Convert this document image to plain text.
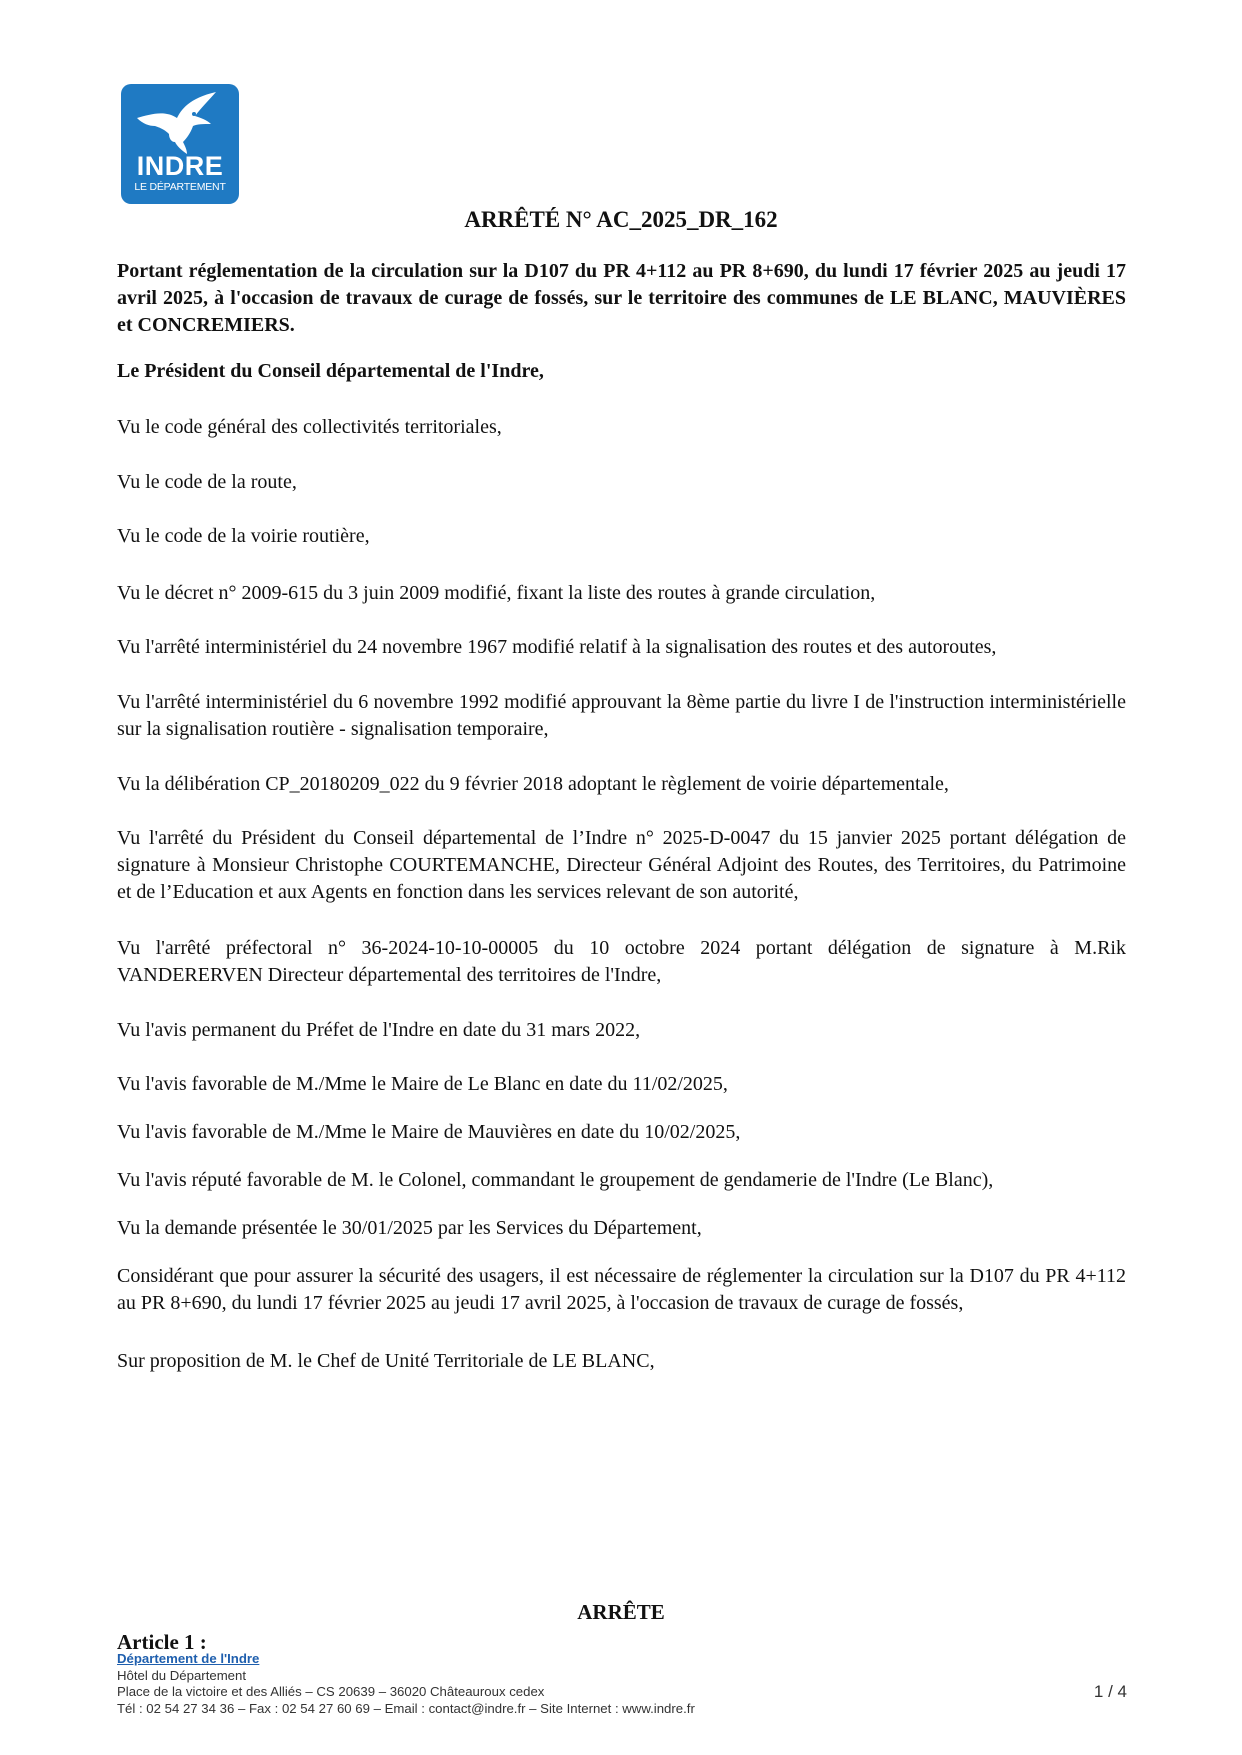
INDRE
LE DÉPARTEMENT
ARRÊTÉ N° AC_2025_DR_162

Portant réglementation de la circulation sur la D107 du PR 4+112 au PR 8+690, du lundi 17 février 2025 au jeudi 17 avril 2025, à l'occasion de travaux de curage de fossés, sur le territoire des communes de LE BLANC, MAUVIÈRES et CONCREMIERS.

Le Président du Conseil départemental de l'Indre,

Vu le code général des collectivités territoriales,

Vu le code de la route,

Vu le code de la voirie routière,

Vu le décret n° 2009-615 du 3 juin 2009 modifié, fixant la liste des routes à grande circulation,

Vu l'arrêté interministériel du 24 novembre 1967 modifié relatif à la signalisation des routes et des autoroutes,

Vu l'arrêté interministériel du 6 novembre 1992 modifié approuvant la 8ème partie du livre I de l'instruction interministérielle sur la signalisation routière - signalisation temporaire,

Vu la délibération CP_20180209_022 du 9 février 2018 adoptant le règlement de voirie départementale,

Vu l'arrêté du Président du Conseil départemental de l’Indre n° 2025-D-0047 du 15 janvier 2025 portant délégation de signature à Monsieur Christophe COURTEMANCHE, Directeur Général Adjoint des Routes, des Territoires, du Patrimoine et de l’Education et aux Agents en fonction dans les services relevant de son autorité,

Vu l'arrêté préfectoral n° 36-2024-10-10-00005 du 10 octobre 2024 portant délégation de signature à M.Rik VANDERERVEN Directeur départemental des territoires de l'Indre,

Vu l'avis permanent du Préfet de l'Indre en date du 31 mars 2022,

Vu l'avis favorable de M./Mme le Maire de Le Blanc en date du 11/02/2025,

Vu l'avis favorable de M./Mme le Maire de Mauvières en date du 10/02/2025,

Vu l'avis réputé favorable de M. le Colonel, commandant le groupement de gendamerie de l'Indre (Le Blanc),

Vu la demande présentée le 30/01/2025 par les Services du Département,

Considérant que pour assurer la sécurité des usagers, il est nécessaire de réglementer la circulation sur la D107 du PR 4+112 au PR 8+690, du lundi 17 février 2025 au jeudi 17 avril 2025, à l'occasion de travaux de curage de fossés,

Sur proposition de M. le Chef de Unité Territoriale de LE BLANC,

ARRÊTE
Article 1 :
Département de l'Indre
Hôtel du Département
Place de la victoire et des Alliés – CS 20639 – 36020 Châteauroux cedex
Tél : 02 54 27 34 36 – Fax : 02 54 27 60 69 – Email : contact@indre.fr – Site Internet : www.indre.fr
1 / 4
